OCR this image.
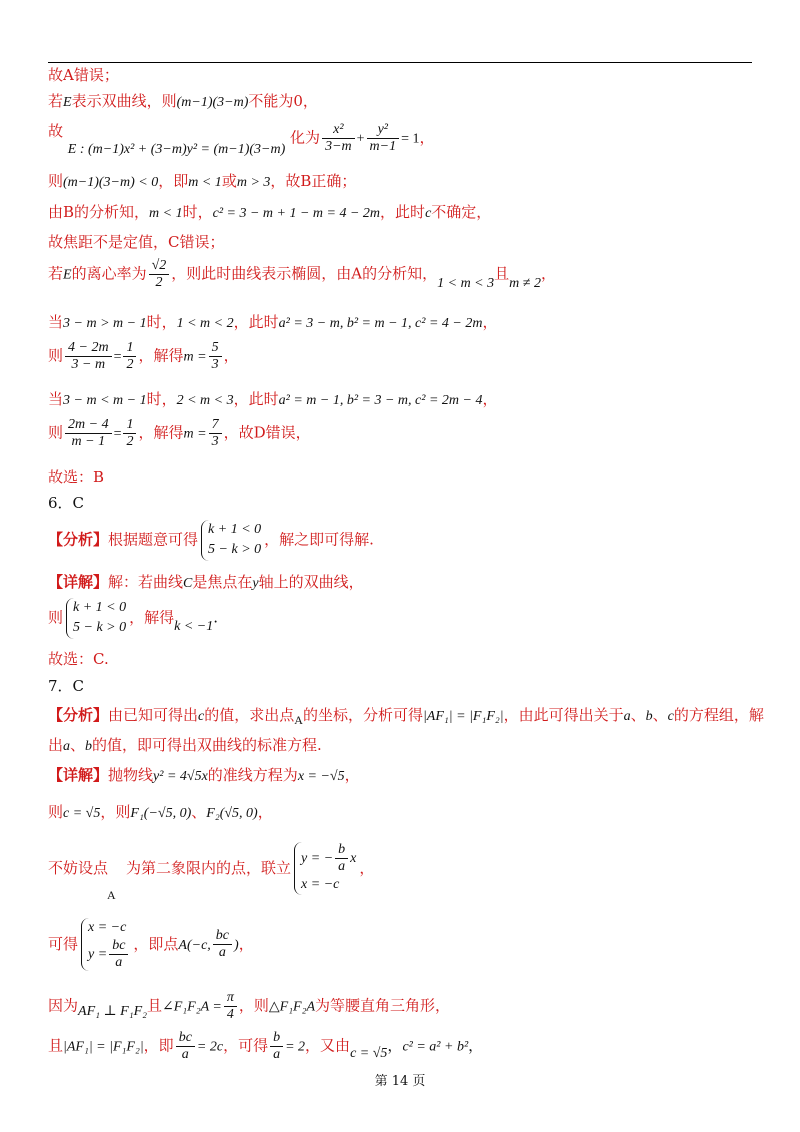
故A错误；
若E表示双曲线，则(m−1)(3−m)不能为0，
故 E : (m−1)x² + (3−m)y² = (m−1)(3−m) 化为 $\frac{\text{x²}}{3-m} + \frac{\text{y²}}{m-1} = 1$，
则(m−1)(3−m) < 0，即m < 1或m > 3，故B正确；
由B的分析知，m < 1时，c² = 3 − m + 1 − m = 4 − 2m，此时c不确定，
故焦距不是定值，C错误；
若E的离心率为 $\frac{√2}{2}$ ，则此时曲线表示椭圆，由A的分析知，1 < m < 3且m ≠ 2，
当3 − m > m − 1时，1 < m < 2，此时a² = 3 − m, b² = m − 1, c² = 4 − 2m，
则 $\frac{4 - 2m}{3 - m} = \frac{1}{2}$ ，解得$m = \frac{5}{3}$ ，
当3 − m < m − 1时，2 < m < 3，此时a² = m − 1, b² = 3 − m, c² = 2m − 4，
则 $\frac{2m - 4}{m - 1} = \frac{1}{2}$ ，解得$m = \frac{7}{3}$ ，故D错误，
故选：B
6．C
【分析】根据题意可得
k + 1 < 0
5 − k > 0
，解之即可得解.
【详解】解：若曲线C是焦点在y轴上的双曲线，
则
k + 1 < 0
5 − k > 0
，解得k < −1.
故选：C.
7．C
【分析】由已知可得出c的值，求出点$_A$的坐标，分析可得|AF₁| = |F₁F₂|，由此可得出关于a、b、c的方程组，解
出a、b的值，即可得出双曲线的标准方程.
【详解】抛物线y² = 4√5x的准线方程为x = −√5，
则c = √5，则F₁(−√5, 0)、F₂(√5, 0)，
不妨设点 为第二象限内的点，联立
y = − $\frac{b}{a}$ x
x = −c
，
A
可得
x = −c
$y = \frac{bc}{a}$ ，即点A(−c, $\frac{bc}{a}$ )，
因为AF₁ ⊥ F₁F₂且∠F₁F₂A = $\frac{\pi}{4}$ ，则△F₁F₂A为等腰直角三角形，
且|AF₁| = |F₁F₂|，即 $\frac{bc}{a} = 2c$，可得 $\frac{b}{a} = 2$，又由c = √5，c² = a² + b²，
第 14 页
